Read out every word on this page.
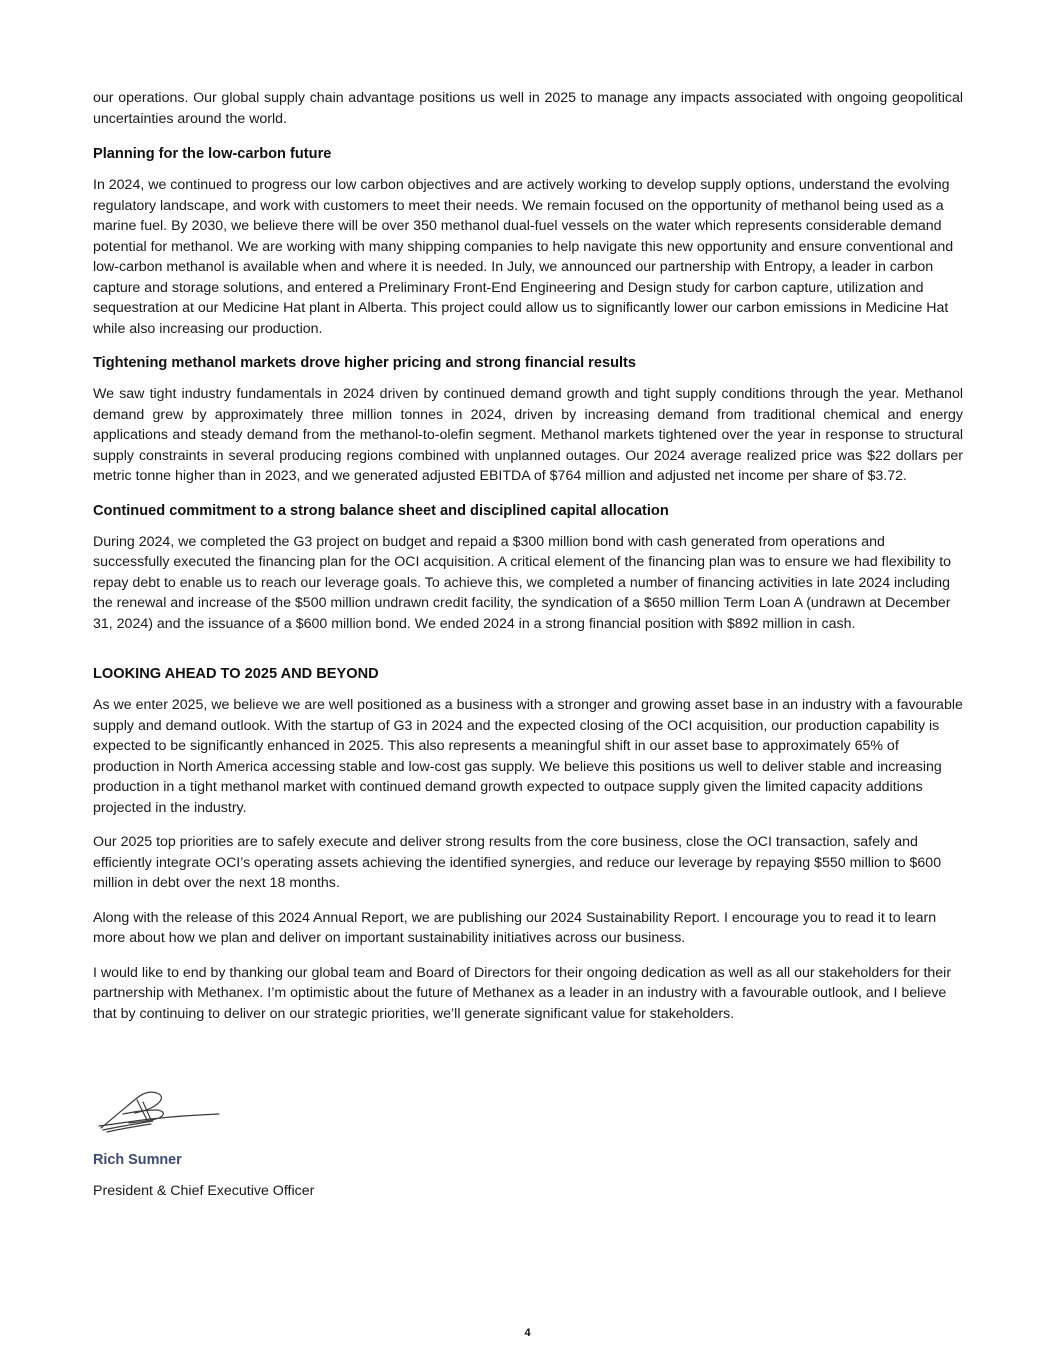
our operations. Our global supply chain advantage positions us well in 2025 to manage any impacts associated with ongoing geopolitical uncertainties around the world.

Planning for the low-carbon future

In 2024, we continued to progress our low carbon objectives and are actively working to develop supply options, understand the evolving regulatory landscape, and work with customers to meet their needs. We remain focused on the opportunity of methanol being used as a marine fuel. By 2030, we believe there will be over 350 methanol dual-fuel vessels on the water which represents considerable demand potential for methanol. We are working with many shipping companies to help navigate this new opportunity and ensure conventional and low-carbon methanol is available when and where it is needed. In July, we announced our partnership with Entropy, a leader in carbon capture and storage solutions, and entered a Preliminary Front-End Engineering and Design study for carbon capture, utilization and sequestration at our Medicine Hat plant in Alberta. This project could allow us to significantly lower our carbon emissions in Medicine Hat while also increasing our production.

Tightening methanol markets drove higher pricing and strong financial results

We saw tight industry fundamentals in 2024 driven by continued demand growth and tight supply conditions through the year. Methanol demand grew by approximately three million tonnes in 2024, driven by increasing demand from traditional chemical and energy applications and steady demand from the methanol-to-olefin segment. Methanol markets tightened over the year in response to structural supply constraints in several producing regions combined with unplanned outages. Our 2024 average realized price was $22 dollars per metric tonne higher than in 2023, and we generated adjusted EBITDA of $764 million and adjusted net income per share of $3.72.

Continued commitment to a strong balance sheet and disciplined capital allocation

During 2024, we completed the G3 project on budget and repaid a $300 million bond with cash generated from operations and successfully executed the financing plan for the OCI acquisition. A critical element of the financing plan was to ensure we had flexibility to repay debt to enable us to reach our leverage goals. To achieve this, we completed a number of financing activities in late 2024 including the renewal and increase of the $500 million undrawn credit facility, the syndication of a $650 million Term Loan A (undrawn at December 31, 2024) and the issuance of a $600 million bond. We ended 2024 in a strong financial position with $892 million in cash.

LOOKING AHEAD TO 2025 AND BEYOND

As we enter 2025, we believe we are well positioned as a business with a stronger and growing asset base in an industry with a favourable supply and demand outlook. With the startup of G3 in 2024 and the expected closing of the OCI acquisition, our production capability is expected to be significantly enhanced in 2025. This also represents a meaningful shift in our asset base to approximately 65% of production in North America accessing stable and low-cost gas supply. We believe this positions us well to deliver stable and increasing production in a tight methanol market with continued demand growth expected to outpace supply given the limited capacity additions projected in the industry.

Our 2025 top priorities are to safely execute and deliver strong results from the core business, close the OCI transaction, safely and efficiently integrate OCI’s operating assets achieving the identified synergies, and reduce our leverage by repaying $550 million to $600 million in debt over the next 18 months.

Along with the release of this 2024 Annual Report, we are publishing our 2024 Sustainability Report. I encourage you to read it to learn more about how we plan and deliver on important sustainability initiatives across our business.

I would like to end by thanking our global team and Board of Directors for their ongoing dedication as well as all our stakeholders for their partnership with Methanex. I’m optimistic about the future of Methanex as a leader in an industry with a favourable outlook, and I believe that by continuing to deliver on our strategic priorities, we’ll generate significant value for stakeholders.

Rich Sumner
President & Chief Executive Officer
4
